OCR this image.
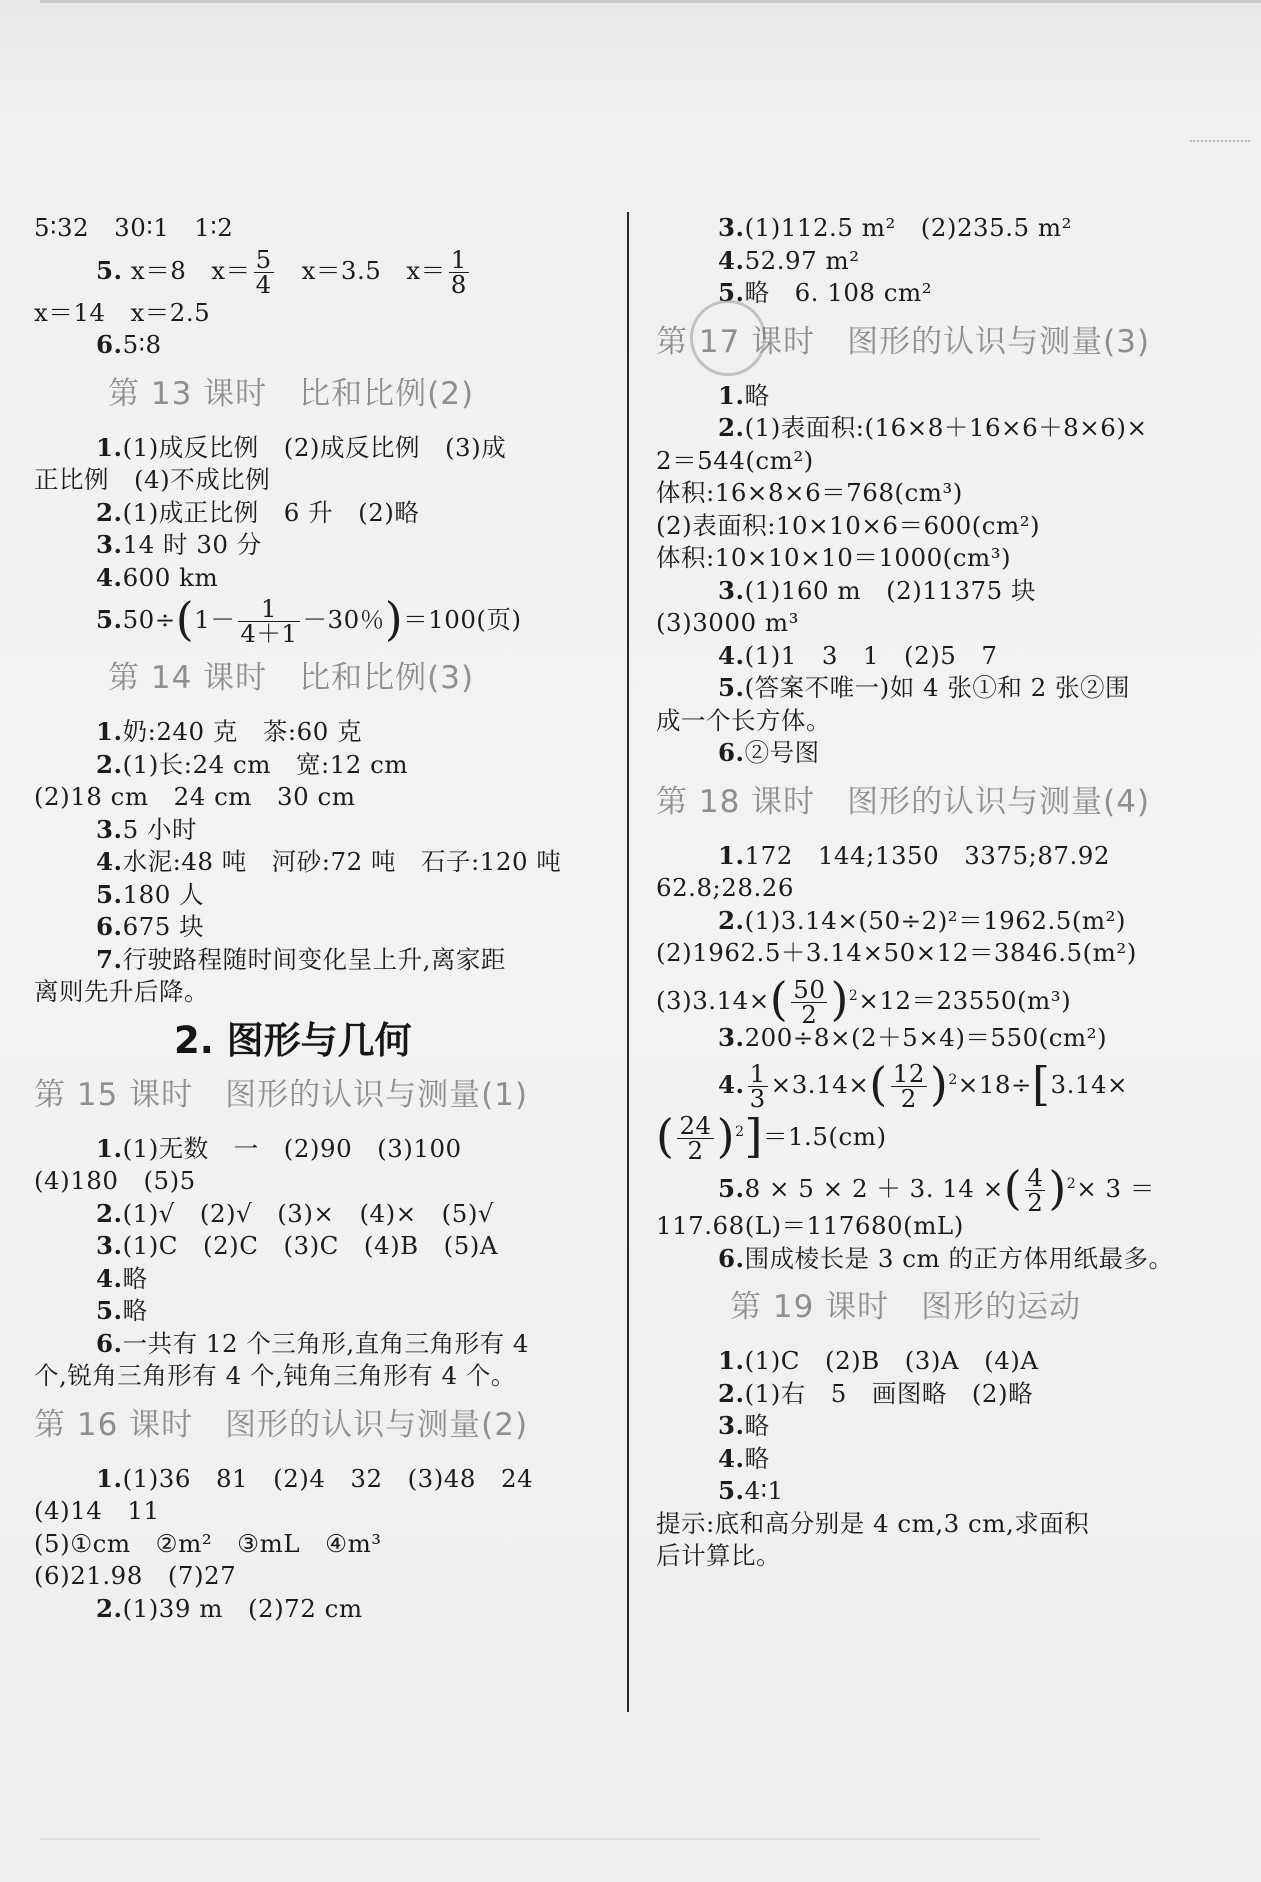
5∶32　30∶1　1∶2
5. x＝8　$x= \frac{5}{4} x=3.5$　$x= \frac{1}{8}$
x＝14　x＝2.5
6.5∶8
第 13 课时　比和比例(2)
1.(1)成反比例　(2)成反比例　(3)成
正比例　(4)不成比例
2.(1)成正比例　6 升　(2)略
3.14 时 30 分
4.600 km
$5.50\div(1- \frac{1}{4+1} -30$％)＝100(页)
第 14 课时　比和比例(3)
1.奶:240 克　茶:60 克
2.(1)长:24 cm　宽:12 cm
(2)18 cm　24 cm　30 cm
3.5 小时
4.水泥:48 吨　河砂:72 吨　石子:120 吨
5.180 人
6.675 块
7.行驶路程随时间变化呈上升,离家距
离则先升后降。
2. 图形与几何
第 15 课时　图形的认识与测量(1)
1.(1)无数　一　(2)90　(3)100
(4)180　(5)5
2.(1)√　(2)√　(3)×　(4)×　(5)√
3.(1)C　(2)C　(3)C　(4)B　(5)A
4.略
5.略
6.一共有 12 个三角形,直角三角形有 4
个,锐角三角形有 4 个,钝角三角形有 4 个。
第 16 课时　图形的认识与测量(2)
1.(1)36　81　(2)4　32　(3)48　24
(4)14　11
(5)①cm　②m²　③mL　④m³
(6)21.98　(7)27
2.(1)39 m　(2)72 cm
3.(1)112.5 m²　(2)235.5 m²
4.52.97 m²
5.略　6. 108 cm²
第 17 课时　图形的认识与测量(3)
1.略
2.(1)表面积:(16×8＋16×6＋8×6)×
2＝544(cm²)
体积:16×8×6＝768(cm³)
(2)表面积:10×10×6＝600(cm²)
体积:10×10×10＝1000(cm³)
3.(1)160 m　(2)11375 块
(3)3000 m³
4.(1)1　3　1　(2)5　7
5.(答案不唯一)如 4 张①和 2 张②围
成一个长方体。
6.②号图
第 18 课时　图形的认识与测量(4)
1.172　144;1350　3375;87.92
62.8;28.26
2.(1)3.14×(50÷2)²＝1962.5(m²)
(2)1962.5＋3.14×50×12＝3846.5(m²)
$(3)3.14\times( \frac{50}{2} )^2\times 12=23550(m^3)$
3.200÷8×(2＋5×4)＝550(cm²)
4. $\frac{1}{3} \times 3.14\times( \frac{12}{2} )^2\times 18\div[3.14\times$
( $\frac{24}{2} )^2]=1.5(cm)$
5.8 × 5 × 2 ＋ 3. 14 ×( $\frac{4}{2} )^2\times 3$ ＝
117.68(L)＝117680(mL)
6.围成棱长是 3 cm 的正方体用纸最多。
第 19 课时　图形的运动
1.(1)C　(2)B　(3)A　(4)A
2.(1)右　5　画图略　(2)略
3.略
4.略
5.4∶1
提示:底和高分别是 4 cm,3 cm,求面积
后计算比。
